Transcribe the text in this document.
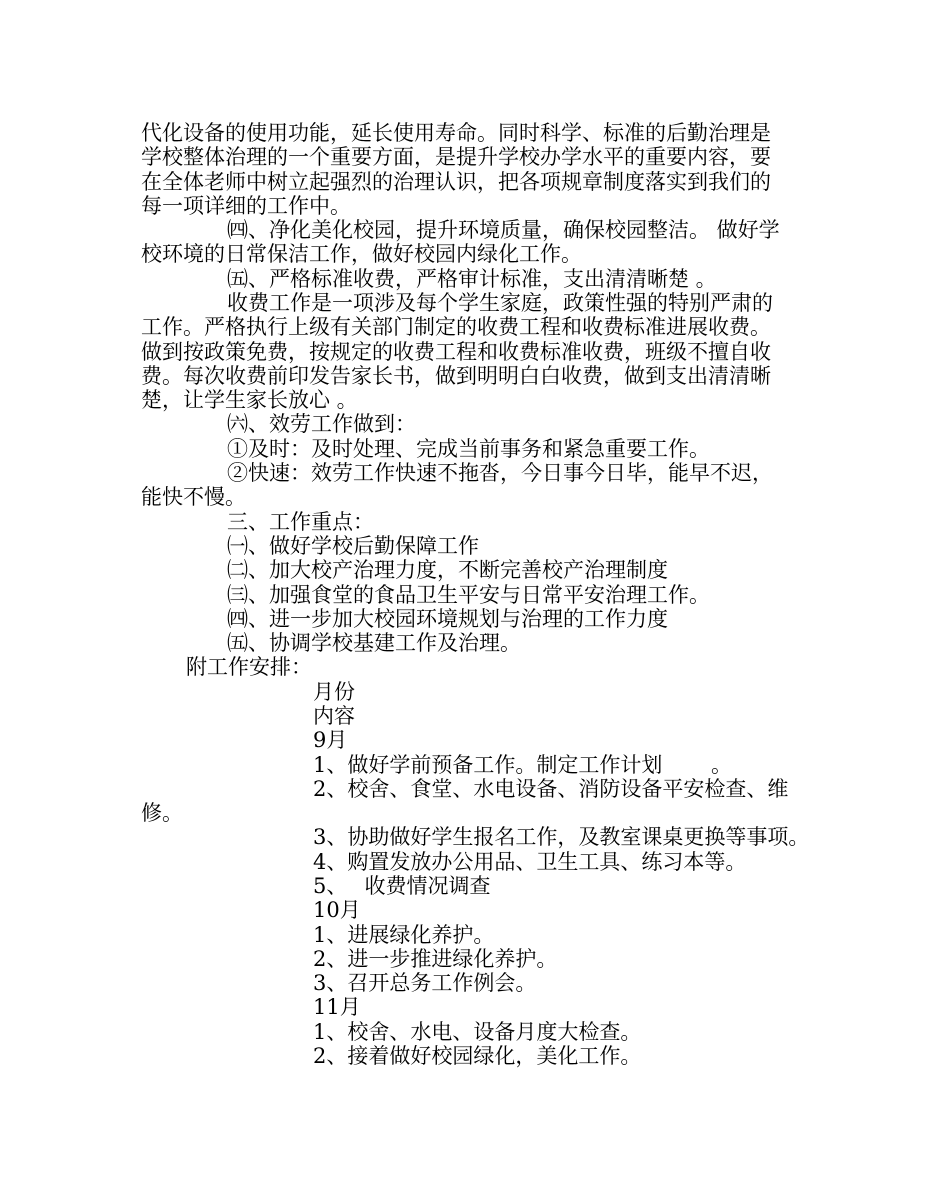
代化设备的使用功能，延长使用寿命。同时科学、标准的后勤治理是
学校整体治理的一个重要方面，是提升学校办学水平的重要内容，要
在全体老师中树立起强烈的治理认识，把各项规章制度落实到我们的
每一项详细的工作中。
㈣、净化美化校园，提升环境质量，确保校园整洁。 做好学
校环境的日常保洁工作，做好校园内绿化工作。
㈤、严格标准收费，严格审计标准，支出清清晰楚 。
收费工作是一项涉及每个学生家庭，政策性强的特别严肃的
工作。严格执行上级有关部门制定的收费工程和收费标准进展收费。
做到按政策免费，按规定的收费工程和收费标准收费，班级不擅自收
费。每次收费前印发告家长书，做到明明白白收费，做到支出清清晰
楚，让学生家长放心 。
㈥、效劳工作做到：
①及时：及时处理、完成当前事务和紧急重要工作。
②快速：效劳工作快速不拖沓，今日事今日毕，能早不迟，
能快不慢。
三、工作重点：
㈠、做好学校后勤保障工作
㈡、加大校产治理力度，不断完善校产治理制度
㈢、加强食堂的食品卫生平安与日常平安治理工作。
㈣、进一步加大校园环境规划与治理的工作力度
㈤、协调学校基建工作及治理。
附工作安排：
月份
内容
9月
1、做好学前预备工作。制定工作计划　　 。
2、校舍、食堂、水电设备、消防设备平安检查、维
修。
3、协助做好学生报名工作，及教室课桌更换等事项。
4、购置发放办公用品、卫生工具、练习本等。
5、　 收费情况调查
10月
1、进展绿化养护。
2、进一步推进绿化养护。
3、召开总务工作例会。
11月
1、校舍、水电、设备月度大检查。
2、接着做好校园绿化，美化工作。
